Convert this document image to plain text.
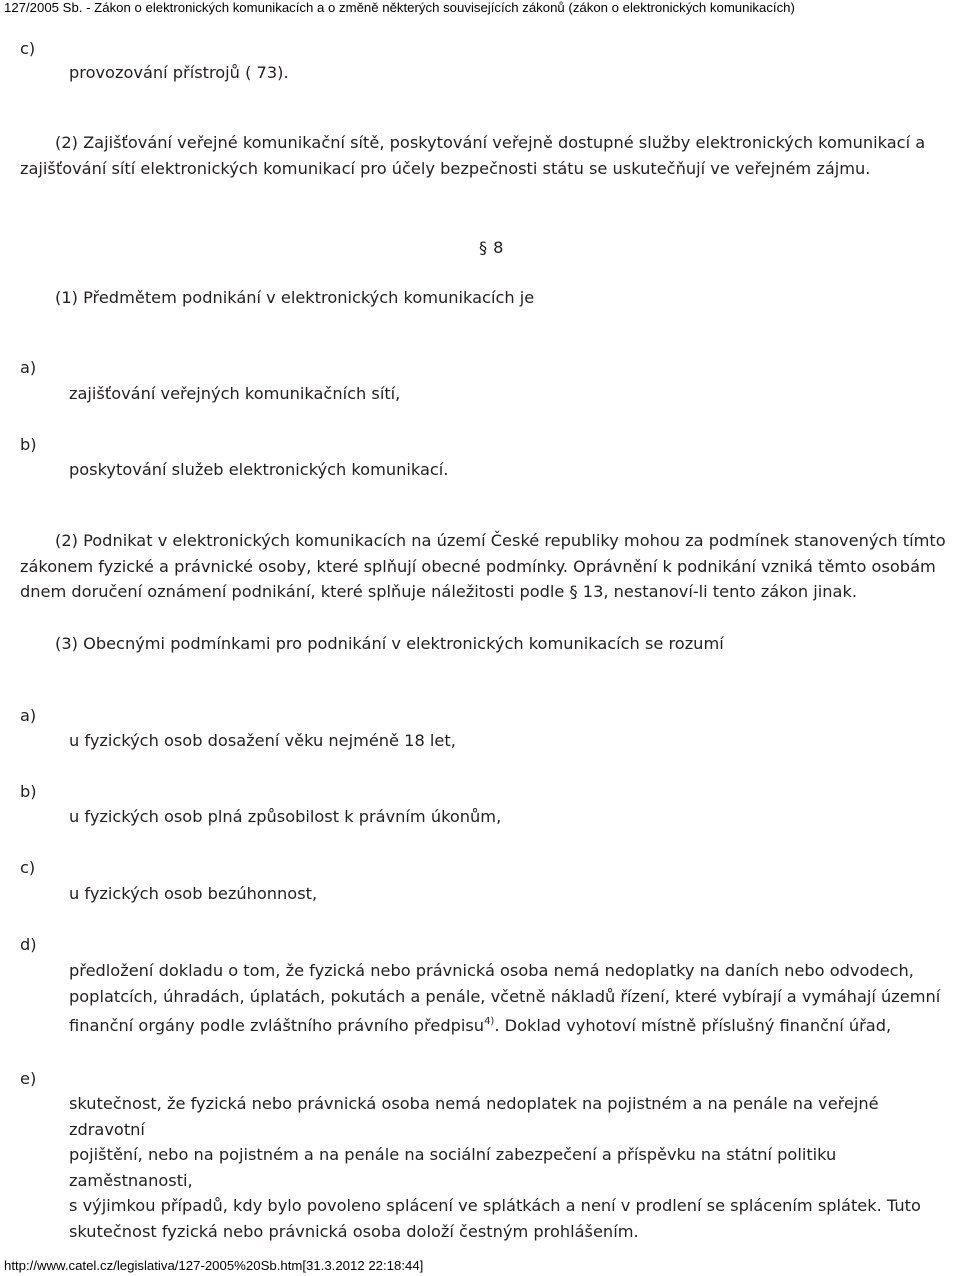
127/2005 Sb. - Zákon o elektronických komunikacích a o změně některých souvisejících zákonů (zákon o elektronických komunikacích)
c)
provozování přístrojů ( 73).
(2) Zajišťování veřejné komunikační sítě, poskytování veřejně dostupné služby elektronických komunikací a
zajišťování sítí elektronických komunikací pro účely bezpečnosti státu se uskutečňují ve veřejném zájmu.
§ 8
(1) Předmětem podnikání v elektronických komunikacích je
a)
zajišťování veřejných komunikačních sítí,
b)
poskytování služeb elektronických komunikací.
(2) Podnikat v elektronických komunikacích na území České republiky mohou za podmínek stanovených tímto
zákonem fyzické a právnické osoby, které splňují obecné podmínky. Oprávnění k podnikání vzniká těmto osobám
dnem doručení oznámení podnikání, které splňuje náležitosti podle § 13, nestanoví-li tento zákon jinak.
(3) Obecnými podmínkami pro podnikání v elektronických komunikacích se rozumí
a)
u fyzických osob dosažení věku nejméně 18 let,
b)
u fyzických osob plná způsobilost k právním úkonům,
c)
u fyzických osob bezúhonnost,
d)
předložení dokladu o tom, že fyzická nebo právnická osoba nemá nedoplatky na daních nebo odvodech,
poplatcích, úhradách, úplatách, pokutách a penále, včetně nákladů řízení, které vybírají a vymáhají územní
finanční orgány podle zvláštního právního předpisu$^{4)}$. Doklad vyhotoví místně příslušný finanční úřad,
e)
skutečnost, že fyzická nebo právnická osoba nemá nedoplatek na pojistném a na penále na veřejné zdravotní
pojištění, nebo na pojistném a na penále na sociální zabezpečení a příspěvku na státní politiku zaměstnanosti,
s výjimkou případů, kdy bylo povoleno splácení ve splátkách a není v prodlení se splácením splátek. Tuto
skutečnost fyzická nebo právnická osoba doloží čestným prohlášením.
http://www.catel.cz/legislativa/127-2005%20Sb.htm[31.3.2012 22:18:44]
